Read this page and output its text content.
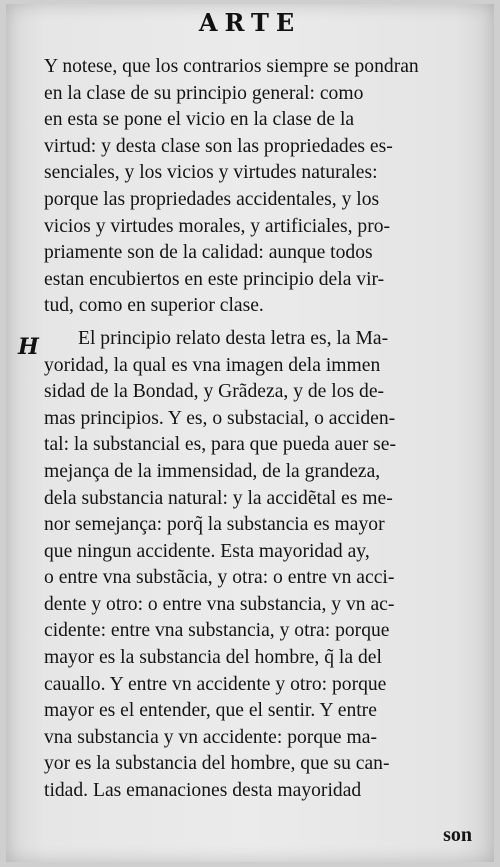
ARTE
H
Y notese, que los contrarios siempre se pondran
en la clase de su principio general: como
en esta se pone el vicio en la clase de la
virtud: y desta clase son las propriedades es-
senciales, y los vicios y virtudes naturales:
porque las propriedades accidentales, y los
vicios y virtudes morales, y artificiales, pro-
priamente son de la calidad: aunque todos
estan encubiertos en este principio dela vir-
tud, como en superior clase.
El principio relato desta letra es, la Ma-
yoridad, la qual es vna imagen dela immen
sidad de la Bondad, y Grãdeza, y de los de-
mas principios. Y es, o substacial, o acciden-
tal: la substancial es, para que pueda auer se-
mejança de la immensidad, de la grandeza,
dela substancia natural: y la accidẽtal es me-
nor semejança: porq̃ la substancia es mayor
que ningun accidente. Esta mayoridad ay,
o entre vna substãcia, y otra: o entre vn acci-
dente y otro: o entre vna substancia, y vn ac-
cidente: entre vna substancia, y otra: porque
mayor es la substancia del hombre, q̃ la del
cauallo. Y entre vn accidente y otro: porque
mayor es el entender, que el sentir. Y entre
vna substancia y vn accidente: porque ma-
yor es la substancia del hombre, que su can-
tidad. Las emanaciones desta mayoridad
son
